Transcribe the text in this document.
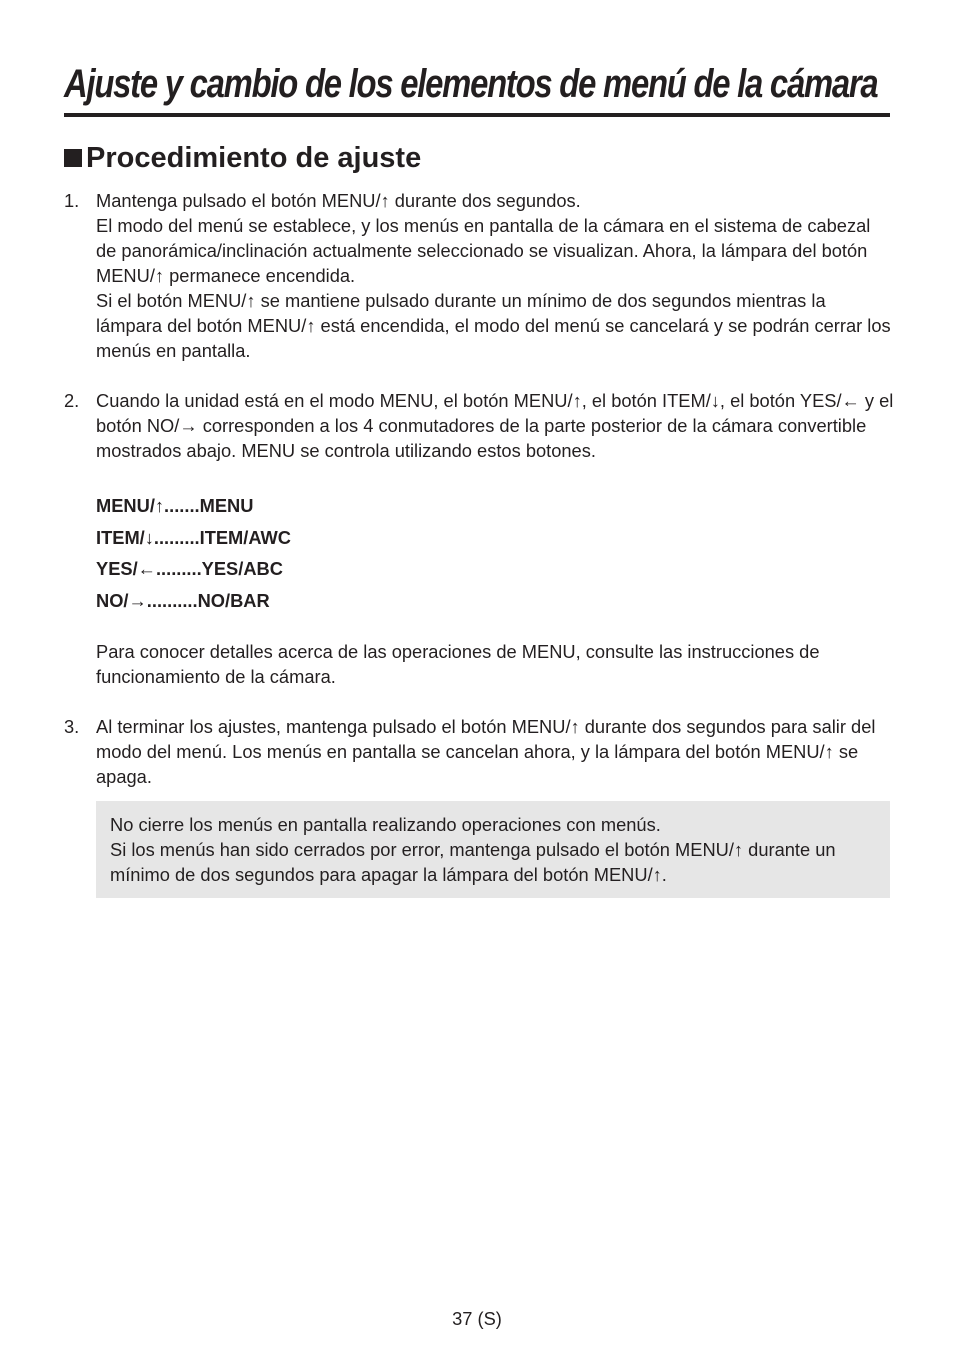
Ajuste y cambio de los elementos de menú de la cámara
Procedimiento de ajuste
1. Mantenga pulsado el botón MENU/↑ durante dos segundos.

El modo del menú se establece, y los menús en pantalla de la cámara en el sistema de cabezal de panorámica/inclinación actualmente seleccionado se visualizan. Ahora, la lámpara del botón MENU/↑ permanece encendida.

Si el botón MENU/↑ se mantiene pulsado durante un mínimo de dos segundos mientras la lámpara del botón MENU/↑ está encendida, el modo del menú se cancelará y se podrán cerrar los menús en pantalla.

2. Cuando la unidad está en el modo MENU, el botón MENU/↑, el botón ITEM/↓, el botón YES/← y el botón NO/→ corresponden a los 4 conmutadores de la parte posterior de la cámara convertible mostrados abajo. MENU se controla utilizando estos botones.

MENU/↑.......MENU
ITEM/↓.........ITEM/AWC
YES/←.........YES/ABC
NO/→..........NO/BAR
Para conocer detalles acerca de las operaciones de MENU, consulte las instrucciones de funcionamiento de la cámara.
3. Al terminar los ajustes, mantenga pulsado el botón MENU/↑ durante dos segundos para salir del modo del menú. Los menús en pantalla se cancelan ahora, y la lámpara del botón MENU/↑ se apaga.

No cierre los menús en pantalla realizando operaciones con menús.

Si los menús han sido cerrados por error, mantenga pulsado el botón MENU/↑ durante un mínimo de dos segundos para apagar la lámpara del botón MENU/↑.

37 (S)
